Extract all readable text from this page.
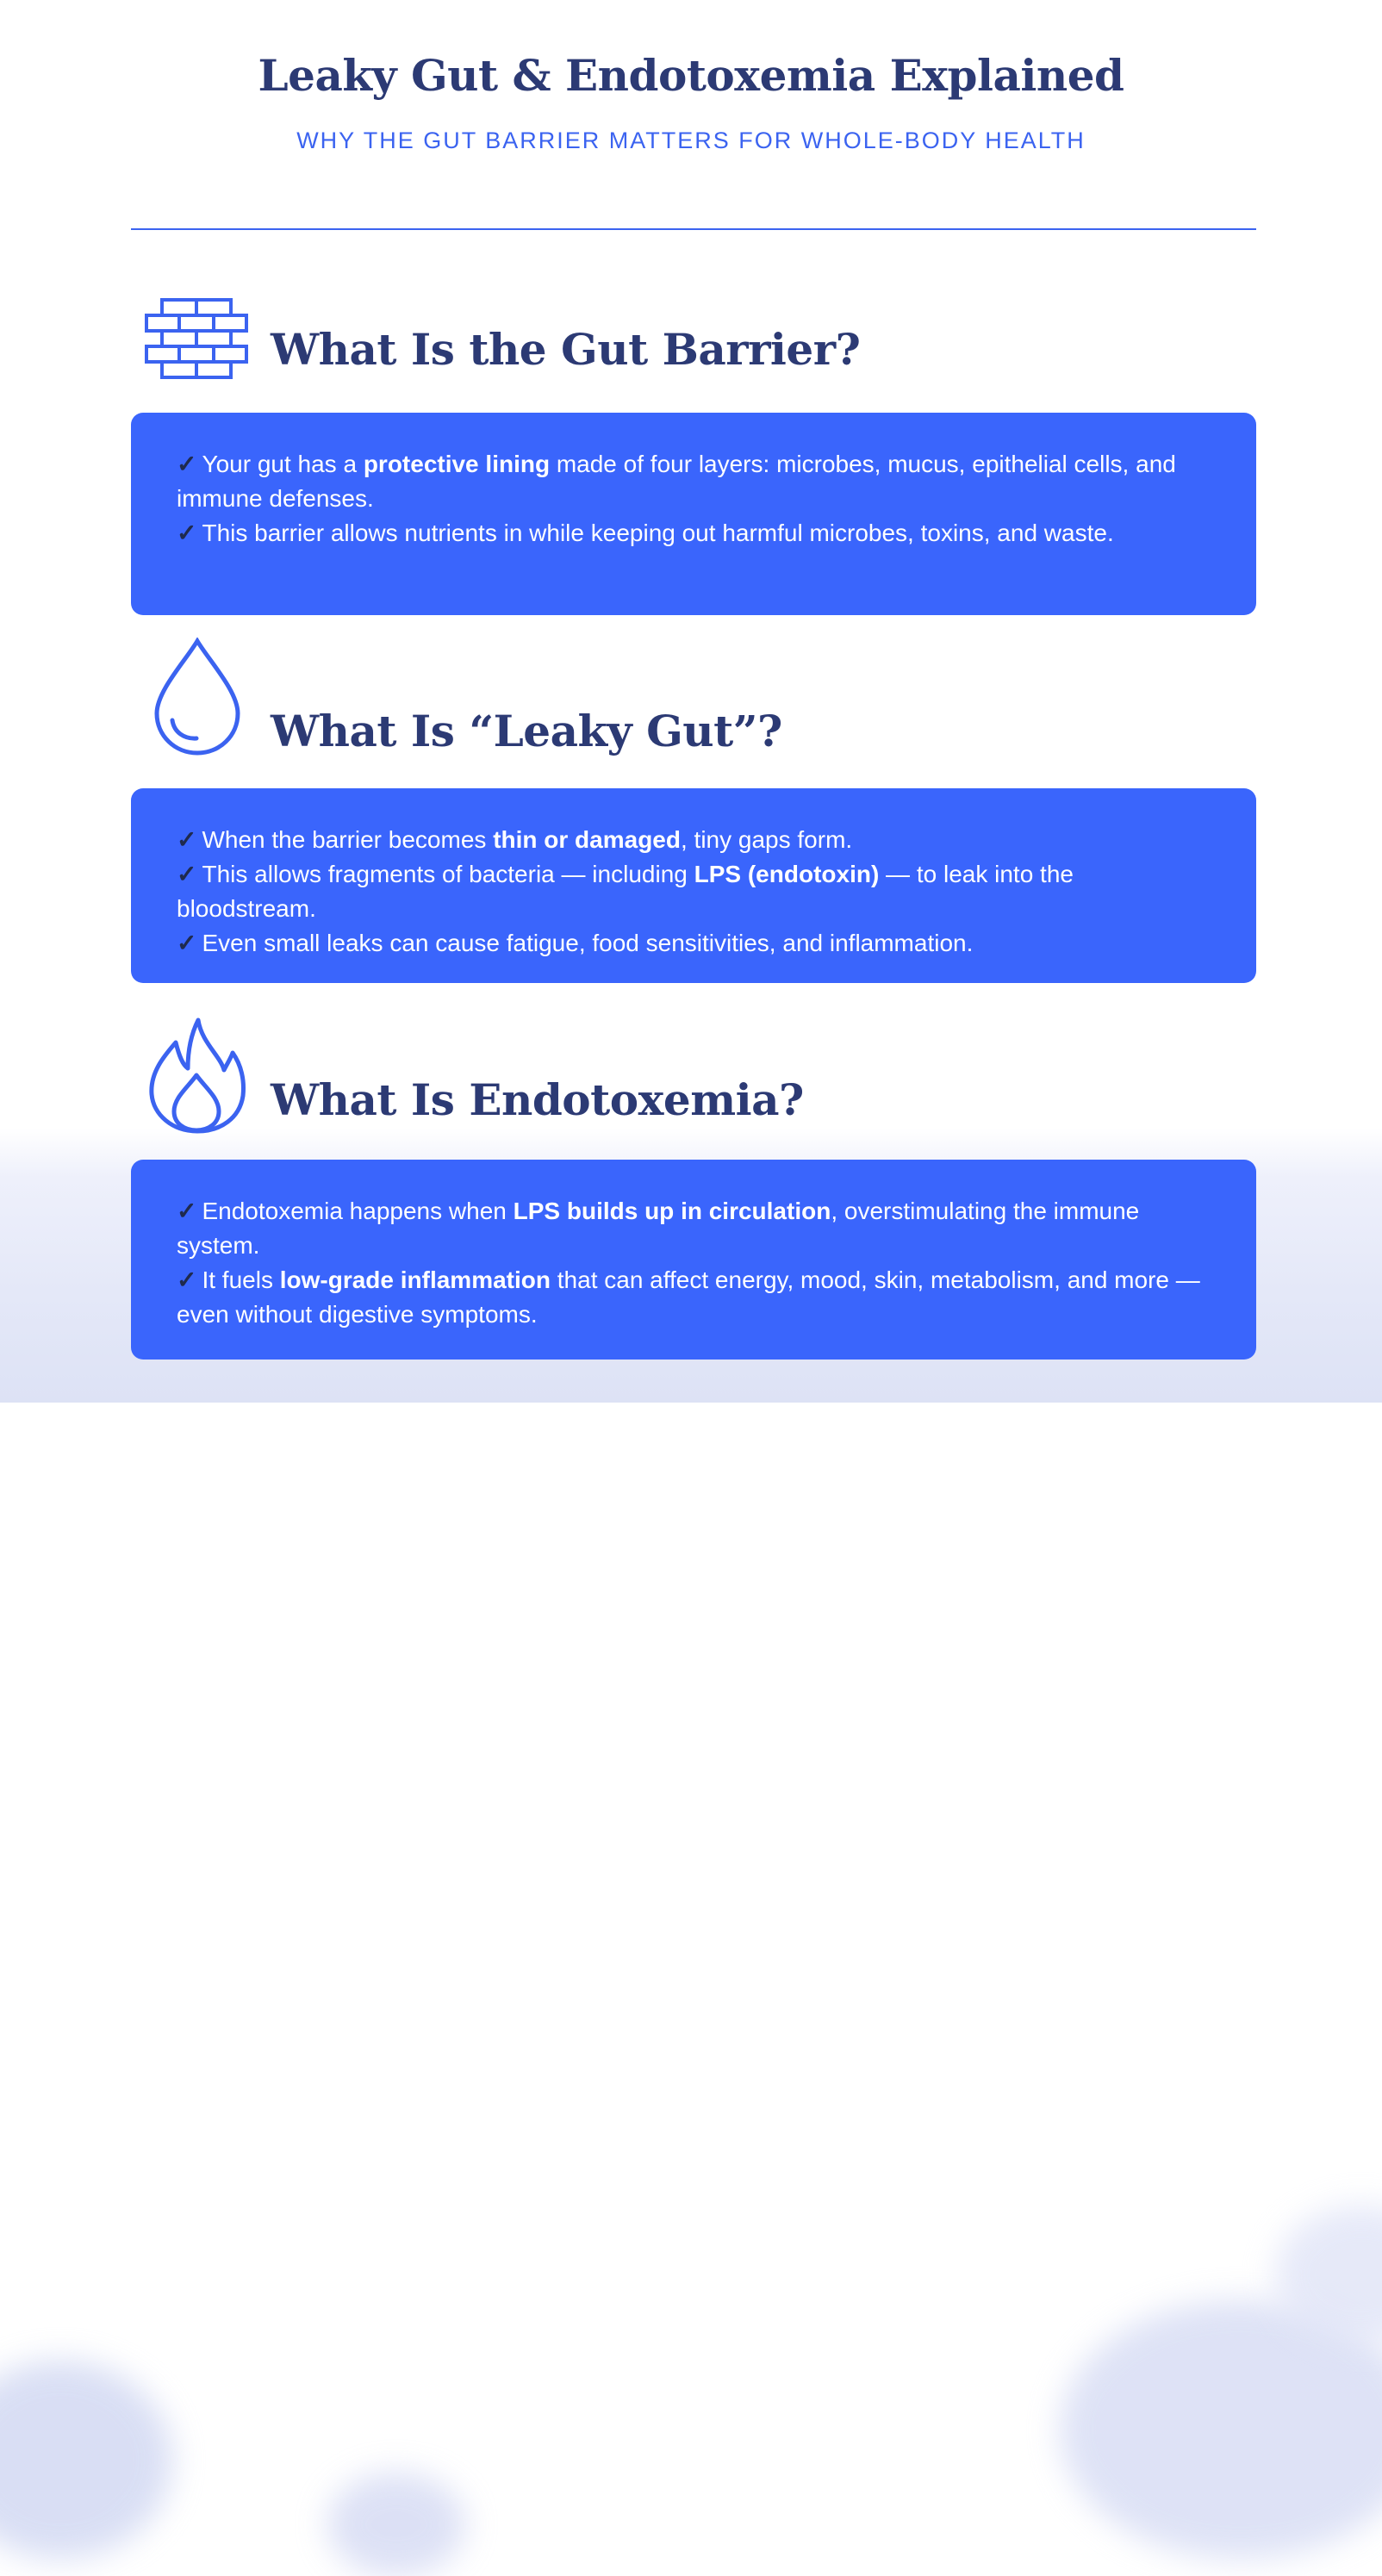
Leaky Gut & Endotoxemia Explained
WHY THE GUT BARRIER MATTERS FOR WHOLE-BODY HEALTH
What Is the Gut Barrier?

✓ Your gut has a protective lining made of four layers: microbes, mucus, epithelial cells, and immune defenses.

✓ This barrier allows nutrients in while keeping out harmful microbes, toxins, and waste.

What Is “Leaky Gut”?

✓ When the barrier becomes thin or damaged, tiny gaps form.

✓ This allows fragments of bacteria — including LPS (endotoxin) — to leak into the bloodstream.

✓ Even small leaks can cause fatigue, food sensitivities, and inflammation.

What Is Endotoxemia?

✓ Endotoxemia happens when LPS builds up in circulation, overstimulating the immune system.

✓ It fuels low-grade inflammation that can affect energy, mood, skin, metabolism, and more — even without digestive symptoms.
